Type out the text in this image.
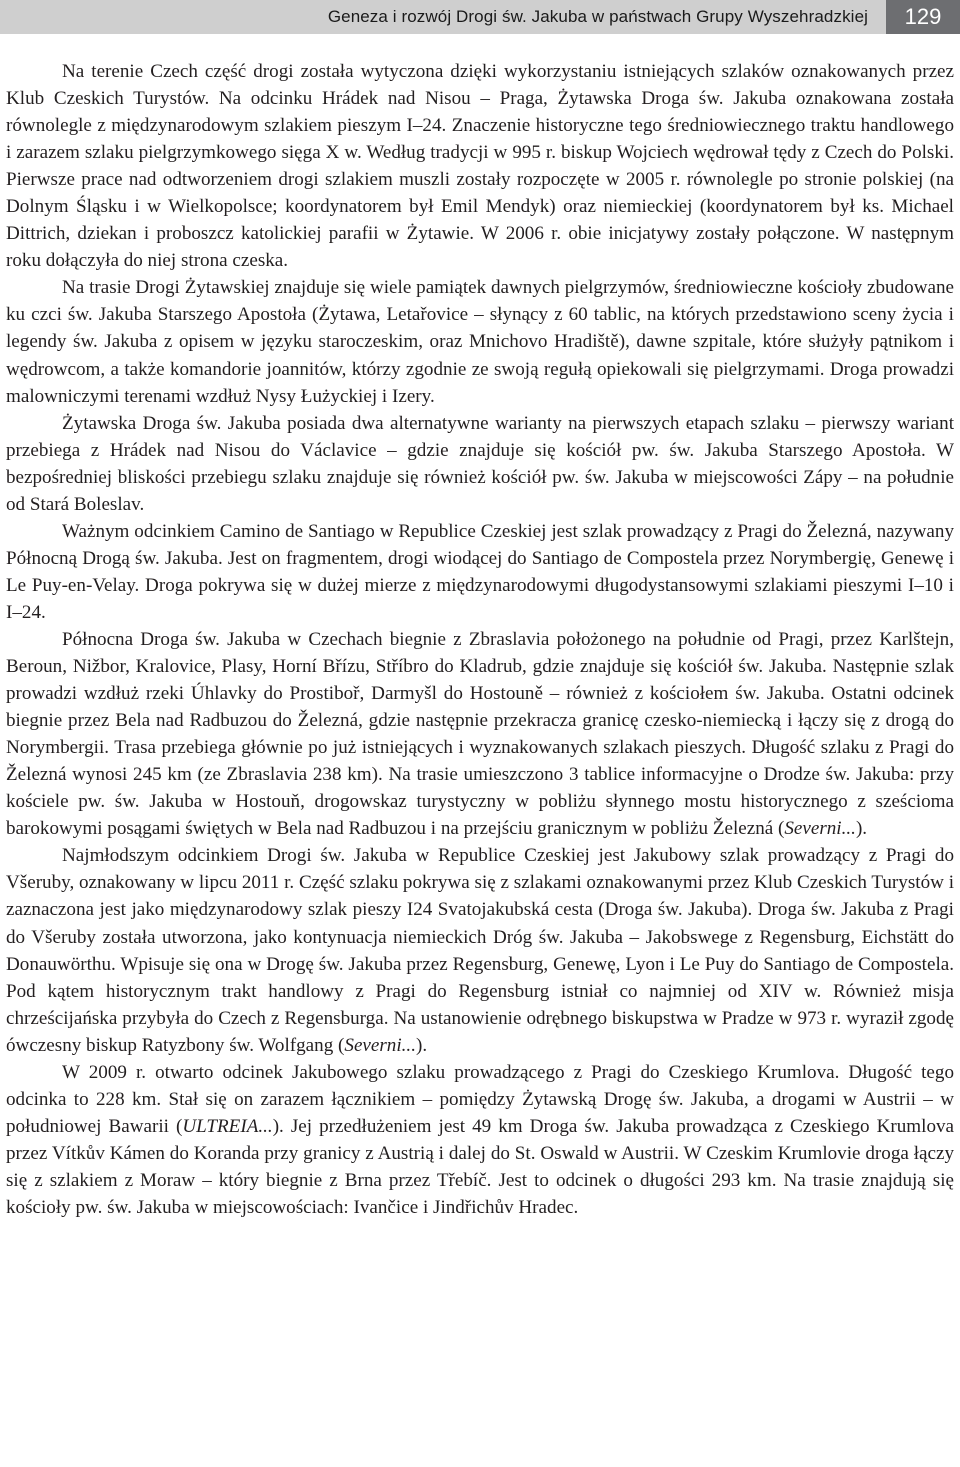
Geneza i rozwój Drogi św. Jakuba w państwach Grupy Wyszehradzkiej	129

Na terenie Czech część drogi została wytyczona dzięki wykorzystaniu istniejących szlaków oznakowanych przez Klub Czeskich Turystów. Na odcinku Hrádek nad Nisou – Praga, Żytawska Droga św. Jakuba oznakowana została równolegle z międzynarodowym szlakiem pieszym I–24. Znaczenie historyczne tego średniowiecznego traktu handlowego i zarazem szlaku pielgrzymkowego sięga X w. Według tradycji w 995 r. biskup Wojciech wędrował tędy z Czech do Polski. Pierwsze prace nad odtworzeniem drogi szlakiem muszli zostały rozpoczęte w 2005 r. równolegle po stronie polskiej (na Dolnym Śląsku i w Wielkopolsce; koordynatorem był Emil Mendyk) oraz niemieckiej (koordynatorem był ks. Michael Dittrich, dziekan i proboszcz katolickiej parafii w Żytawie. W 2006 r. obie inicjatywy zostały połączone. W następnym roku dołączyła do niej strona czeska.

Na trasie Drogi Żytawskiej znajduje się wiele pamiątek dawnych pielgrzymów, średniowieczne kościoły zbudowane ku czci św. Jakuba Starszego Apostoła (Żytawa, Letařovice – słynący z 60 tablic, na których przedstawiono sceny życia i legendy św. Jakuba z opisem w języku staroczeskim, oraz Mnichovo Hradiště), dawne szpitale, które służyły pątnikom i wędrowcom, a także komandorie joannitów, którzy zgodnie ze swoją regułą opiekowali się pielgrzymami. Droga prowadzi malowniczymi terenami wzdłuż Nysy Łużyckiej i Izery.

Żytawska Droga św. Jakuba posiada dwa alternatywne warianty na pierwszych etapach szlaku – pierwszy wariant przebiega z Hrádek nad Nisou do Václavice – gdzie znajduje się kościół pw. św. Jakuba Starszego Apostoła. W bezpośredniej bliskości przebiegu szlaku znajduje się również kościół pw. św. Jakuba w miejscowości Zápy – na południe od Stará Boleslav.

Ważnym odcinkiem Camino de Santiago w Republice Czeskiej jest szlak prowadzący z Pragi do Železná, nazywany Północną Drogą św. Jakuba. Jest on fragmentem, drogi wiodącej do Santiago de Compostela przez Norymbergię, Genewę i Le Puy-en-Velay. Droga pokrywa się w dużej mierze z międzynarodowymi długodystansowymi szlakiami pieszymi I–10 i I–24.

Północna Droga św. Jakuba w Czechach biegnie z Zbraslavia położonego na południe od Pragi, przez Karlštejn, Beroun, Nižbor, Kralovice, Plasy, Horní Břízu, Stříbro do Kladrub, gdzie znajduje się kościół św. Jakuba. Następnie szlak prowadzi wzdłuż rzeki Úhlavky do Prostiboř, Darmyšl do Hostouně – również z kościołem św. Jakuba. Ostatni odcinek biegnie przez Bela nad Radbuzou do Železná, gdzie następnie przekracza granicę czesko-niemiecką i łączy się z drogą do Norymbergii. Trasa przebiega głównie po już istniejących i wyznakowanych szlakach pieszych. Długość szlaku z Pragi do Železná wynosi 245 km (ze Zbraslavia 238 km). Na trasie umieszczono 3 tablice informacyjne o Drodze św. Jakuba: przy kościele pw. św. Jakuba w Hostouň, drogowskaz turystyczny w pobliżu słynnego mostu historycznego z sześcioma barokowymi posągami świętych w Bela nad Radbuzou i na przejściu granicznym w pobliżu Železná (Severni...).

Najmłodszym odcinkiem Drogi św. Jakuba w Republice Czeskiej jest Jakubowy szlak prowadzący z Pragi do Všeruby, oznakowany w lipcu 2011 r. Część szlaku pokrywa się z szlakami oznakowanymi przez Klub Czeskich Turystów i zaznaczona jest jako międzynarodowy szlak pieszy I24 Svatojakubská cesta (Droga św. Jakuba). Droga św. Jakuba z Pragi do Všeruby została utworzona, jako kontynuacja niemieckich Dróg św. Jakuba – Jakobswege z Regensburg, Eichstätt do Donauwörthu. Wpisuje się ona w Drogę św. Jakuba przez Regensburg, Genewę, Lyon i Le Puy do Santiago de Compostela. Pod kątem historycznym trakt handlowy z Pragi do Regensburg istniał co najmniej od XIV w. Również misja chrześcijańska przybyła do Czech z Regensburga. Na ustanowienie odrębnego biskupstwa w Pradze w 973 r. wyraził zgodę ówczesny biskup Ratyzbony św. Wolfgang (Severni...).

W 2009 r. otwarto odcinek Jakubowego szlaku prowadzącego z Pragi do Czeskiego Krumlova. Długość tego odcinka to 228 km. Stał się on zarazem łącznikiem – pomiędzy Żytawską Drogę św. Jakuba, a drogami w Austrii – w południowej Bawarii (ULTREIA...). Jej przedłużeniem jest 49 km Droga św. Jakuba prowadząca z Czeskiego Krumlova przez Vítkův Kámen do Koranda przy granicy z Austrią i dalej do St. Oswald w Austrii. W Czeskim Krumlovie droga łączy się z szlakiem z Moraw – który biegnie z Brna przez Třebíč. Jest to odcinek o długości 293 km. Na trasie znajdują się kościoły pw. św. Jakuba w miejscowościach: Ivančice i Jindřichův Hradec.
